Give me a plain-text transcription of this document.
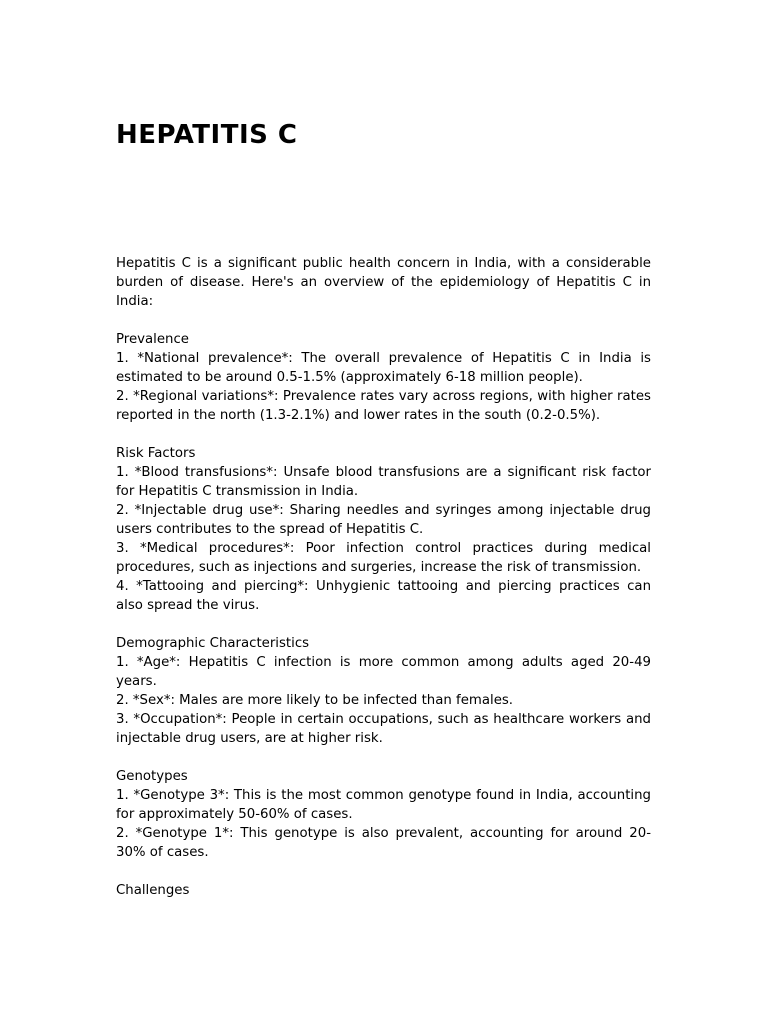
HEPATITIS C

Hepatitis C is a significant public health concern in India, with a considerable burden of disease. Here's an overview of the epidemiology of Hepatitis C in India:

Prevalence

1. *National prevalence*: The overall prevalence of Hepatitis C in India is estimated to be around 0.5-1.5% (approximately 6-18 million people).

2. *Regional variations*: Prevalence rates vary across regions, with higher rates reported in the north (1.3-2.1%) and lower rates in the south (0.2-0.5%).

Risk Factors

1. *Blood transfusions*: Unsafe blood transfusions are a significant risk factor for Hepatitis C transmission in India.

2. *Injectable drug use*: Sharing needles and syringes among injectable drug users contributes to the spread of Hepatitis C.

3. *Medical procedures*: Poor infection control practices during medical procedures, such as injections and surgeries, increase the risk of transmission.

4. *Tattooing and piercing*: Unhygienic tattooing and piercing practices can also spread the virus.

Demographic Characteristics

1. *Age*: Hepatitis C infection is more common among adults aged 20-49 years.

2. *Sex*: Males are more likely to be infected than females.

3. *Occupation*: People in certain occupations, such as healthcare workers and injectable drug users, are at higher risk.

Genotypes

1. *Genotype 3*: This is the most common genotype found in India, accounting for approximately 50-60% of cases.

2. *Genotype 1*: This genotype is also prevalent, accounting for around 20-30% of cases.

Challenges
